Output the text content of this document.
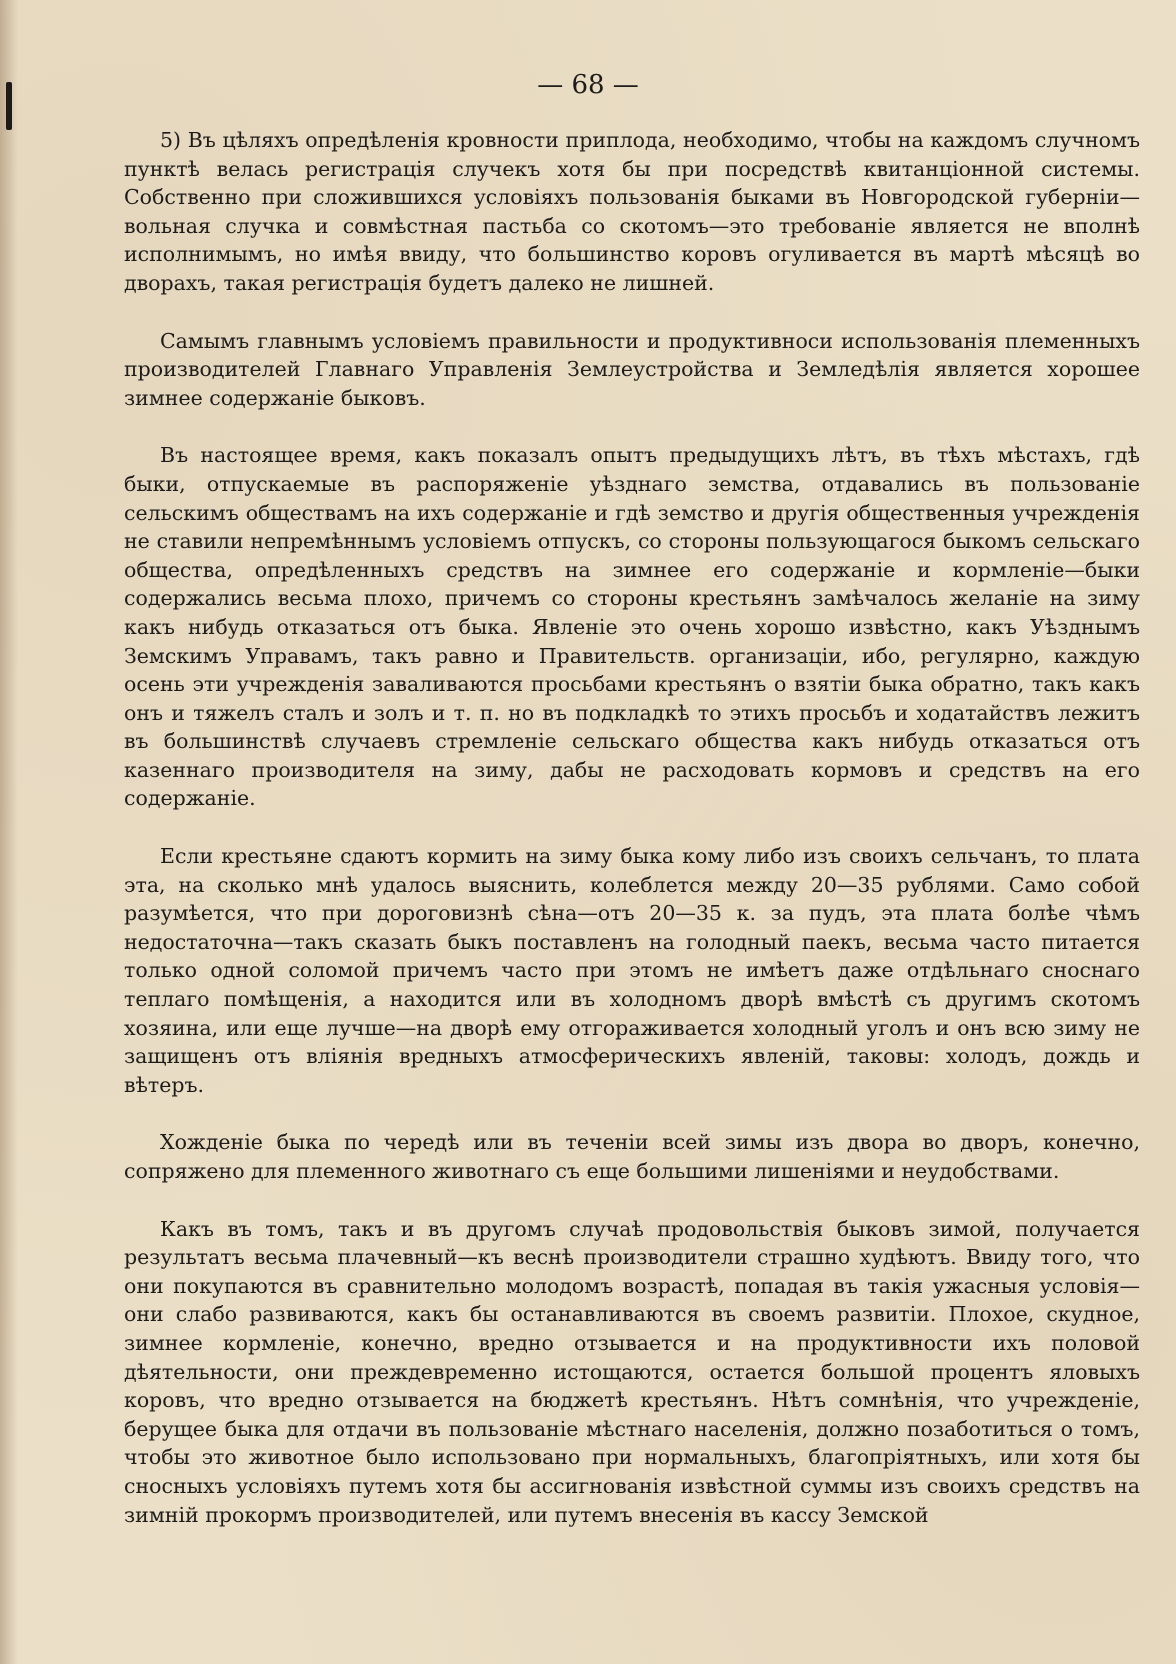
— 68 —

5) Въ цѣляхъ опредѣленія кровности приплода, необходимо, чтобы на каждомъ случномъ пунктѣ велась регистрація случекъ хотя бы при посредствѣ квитанціонной системы. Собственно при сложившихся условіяхъ пользованія быками въ Новгородской губерніи—вольная случка и совмѣстная пастьба со скотомъ—это требованіе является не вполнѣ исполнимымъ, но имѣя ввиду, что большинство коровъ огуливается въ мартѣ мѣсяцѣ во дворахъ, такая регистрація будетъ далеко не лишней.

Самымъ главнымъ условіемъ правильности и продуктивноси использованія племенныхъ производителей Главнаго Управленія Землеустройства и Земледѣлія является хорошее зимнее содержаніе быковъ.

Въ настоящее время, какъ показалъ опытъ предыдущихъ лѣтъ, въ тѣхъ мѣстахъ, гдѣ быки, отпускаемые въ распоряженіе уѣзднаго земства, отдавались въ пользованіе сельскимъ обществамъ на ихъ содержаніе и гдѣ земство и другія общественныя учрежденія не ставили непремѣннымъ условіемъ отпускъ, со стороны пользующагося быкомъ сельскаго общества, опредѣленныхъ средствъ на зимнее его содержаніе и кормленіе—быки содержались весьма плохо, причемъ со стороны крестьянъ замѣчалось желаніе на зиму какъ нибудь отказаться отъ быка. Явленіе это очень хорошо извѣстно, какъ Уѣзднымъ Земскимъ Управамъ, такъ равно и Правительств. организаціи, ибо, регулярно, каждую осень эти учрежденія заваливаются просьбами крестьянъ о взятіи быка обратно, такъ какъ онъ и тяжелъ сталъ и золъ и т. п. но въ подкладкѣ то этихъ просьбъ и ходатайствъ лежитъ въ большинствѣ случаевъ стремленіе сельскаго общества какъ нибудь отказаться отъ казеннаго производителя на зиму, дабы не расходовать кормовъ и средствъ на его содержаніе.

Если крестьяне сдаютъ кормить на зиму быка кому либо изъ своихъ сельчанъ, то плата эта, на сколько мнѣ удалось выяснить, колеблется между 20—35 рублями. Само собой разумѣется, что при дороговизнѣ сѣна—отъ 20—35 к. за пудъ, эта плата болѣе чѣмъ недостаточна—такъ сказать быкъ поставленъ на голодный паекъ, весьма часто питается только одной соломой причемъ часто при этомъ не имѣетъ даже отдѣльнаго сноснаго теплаго помѣщенія, а находится или въ холодномъ дворѣ вмѣстѣ съ другимъ скотомъ хозяина, или еще лучше—на дворѣ ему отгораживается холодный уголъ и онъ всю зиму не защищенъ отъ вліянія вредныхъ атмосферическихъ явленій, таковы: холодъ, дождь и вѣтеръ.

Хожденіе быка по чередѣ или въ теченіи всей зимы изъ двора во дворъ, конечно, сопряжено для племенного животнаго съ еще большими лишеніями и неудобствами.

Какъ въ томъ, такъ и въ другомъ случаѣ продовольствія быковъ зимой, получается результатъ весьма плачевный—къ веснѣ производители страшно худѣютъ. Ввиду того, что они покупаются въ сравнительно молодомъ возрастѣ, попадая въ такія ужасныя условія—они слабо развиваются, какъ бы останавливаются въ своемъ развитіи. Плохое, скудное, зимнее кормленіе, конечно, вредно отзывается и на продуктивности ихъ половой дѣятельности, они преждевременно истощаются, остается большой процентъ яловыхъ коровъ, что вредно отзывается на бюджетѣ крестьянъ. Нѣтъ сомнѣнія, что учрежденіе, берущее быка для отдачи въ пользованіе мѣстнаго населенія, должно позаботиться о томъ, чтобы это животное было использовано при нормальныхъ, благопріятныхъ, или хотя бы сносныхъ условіяхъ путемъ хотя бы ассигнованія извѣстной суммы изъ своихъ средствъ на зимній прокормъ производителей, или путемъ внесенія въ кассу Земской
